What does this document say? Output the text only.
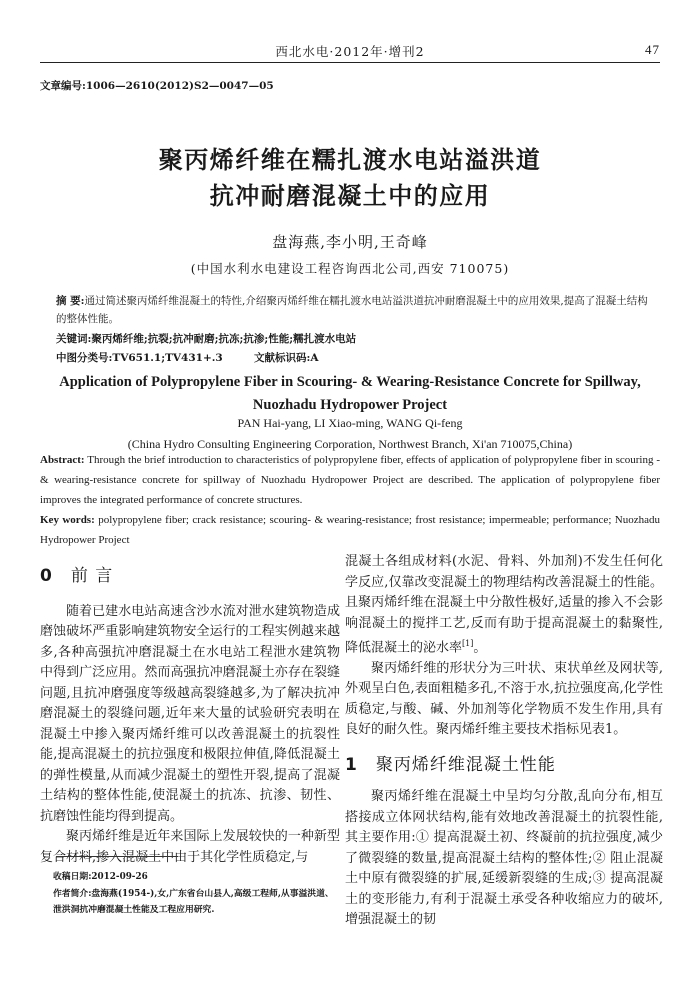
西北水电·2012年·增刊2	47
文章编号:1006—2610(2012)S2—0047—05
聚丙烯纤维在糯扎渡水电站溢洪道
抗冲耐磨混凝土中的应用
盘海燕,李小明,王奇峰
(中国水利水电建设工程咨询西北公司,西安 710075)
摘 要:通过简述聚丙烯纤维混凝土的特性,介绍聚丙烯纤维在糯扎渡水电站溢洪道抗冲耐磨混凝土中的应用效果,提高了混凝土结构的整体性能。
关键词:聚丙烯纤维;抗裂;抗冲耐磨;抗冻;抗渗;性能;糯扎渡水电站
中图分类号:TV651.1;TV431+.3	文献标识码:A
Application of Polypropylene Fiber in Scouring- & Wearing-Resistance Concrete for Spillway,
Nuozhadu Hydropower Project
PAN Hai-yang, LI Xiao-ming, WANG Qi-feng
(China Hydro Consulting Engineering Corporation, Northwest Branch, Xi'an 710075,China)
Abstract: Through the brief introduction to characteristics of polypropylene fiber, effects of application of polypropylene fiber in scouring - & wearing-resistance concrete for spillway of Nuozhadu Hydropower Project are described. The application of polypropylene fiber improves the integrated performance of concrete structures.
Key words: polypropylene fiber; crack resistance; scouring- & wearing-resistance; frost resistance; impermeable; performance; Nuozhadu Hydropower Project
0 前 言

随着已建水电站高速含沙水流对泄水建筑物造成磨蚀破坏严重影响建筑物安全运行的工程实例越来越多,各种高强抗冲磨混凝土在水电站工程泄水建筑物中得到广泛应用。然而高强抗冲磨混凝土亦存在裂缝问题,且抗冲磨强度等级越高裂缝越多,为了解决抗冲磨混凝土的裂缝问题,近年来大量的试验研究表明在混凝土中掺入聚丙烯纤维可以改善混凝土的抗裂性能,提高混凝土的抗拉强度和极限拉伸值,降低混凝土的弹性模量,从而减少混凝土的塑性开裂,提高了混凝土结构的整体性能,使混凝土的抗冻、抗渗、韧性、抗磨蚀性能均得到提高。

聚丙烯纤维是近年来国际上发展较快的一种新型复合材料,掺入混凝土中由于其化学性质稳定,与

混凝土各组成材料(水泥、骨料、外加剂)不发生任何化学反应,仅靠改变混凝土的物理结构改善混凝土的性能。且聚丙烯纤维在混凝土中分散性极好,适量的掺入不会影响混凝土的搅拌工艺,反而有助于提高混凝土的黏聚性,降低混凝土的泌水率[1]。

聚丙烯纤维的形状分为三叶状、束状单丝及网状等,外观呈白色,表面粗糙多孔,不溶于水,抗拉强度高,化学性质稳定,与酸、碱、外加剂等化学物质不发生作用,具有良好的耐久性。聚丙烯纤维主要技术指标见表1。

1 聚丙烯纤维混凝土性能

聚丙烯纤维在混凝土中呈均匀分散,乱向分布,相互搭接成立体网状结构,能有效地改善混凝土的抗裂性能,其主要作用:① 提高混凝土初、终凝前的抗拉强度,减少了微裂缝的数量,提高混凝土结构的整体性;② 阻止混凝土中原有微裂缝的扩展,延缓新裂缝的生成;③ 提高混凝土的变形能力,有利于混凝土承受各种收缩应力的破坏,增强混凝土的韧

收稿日期:2012-09-26
作者简介:盘海燕(1954-),女,广东省台山县人,高级工程师,从事溢洪道、泄洪洞抗冲磨混凝土性能及工程应用研究.
